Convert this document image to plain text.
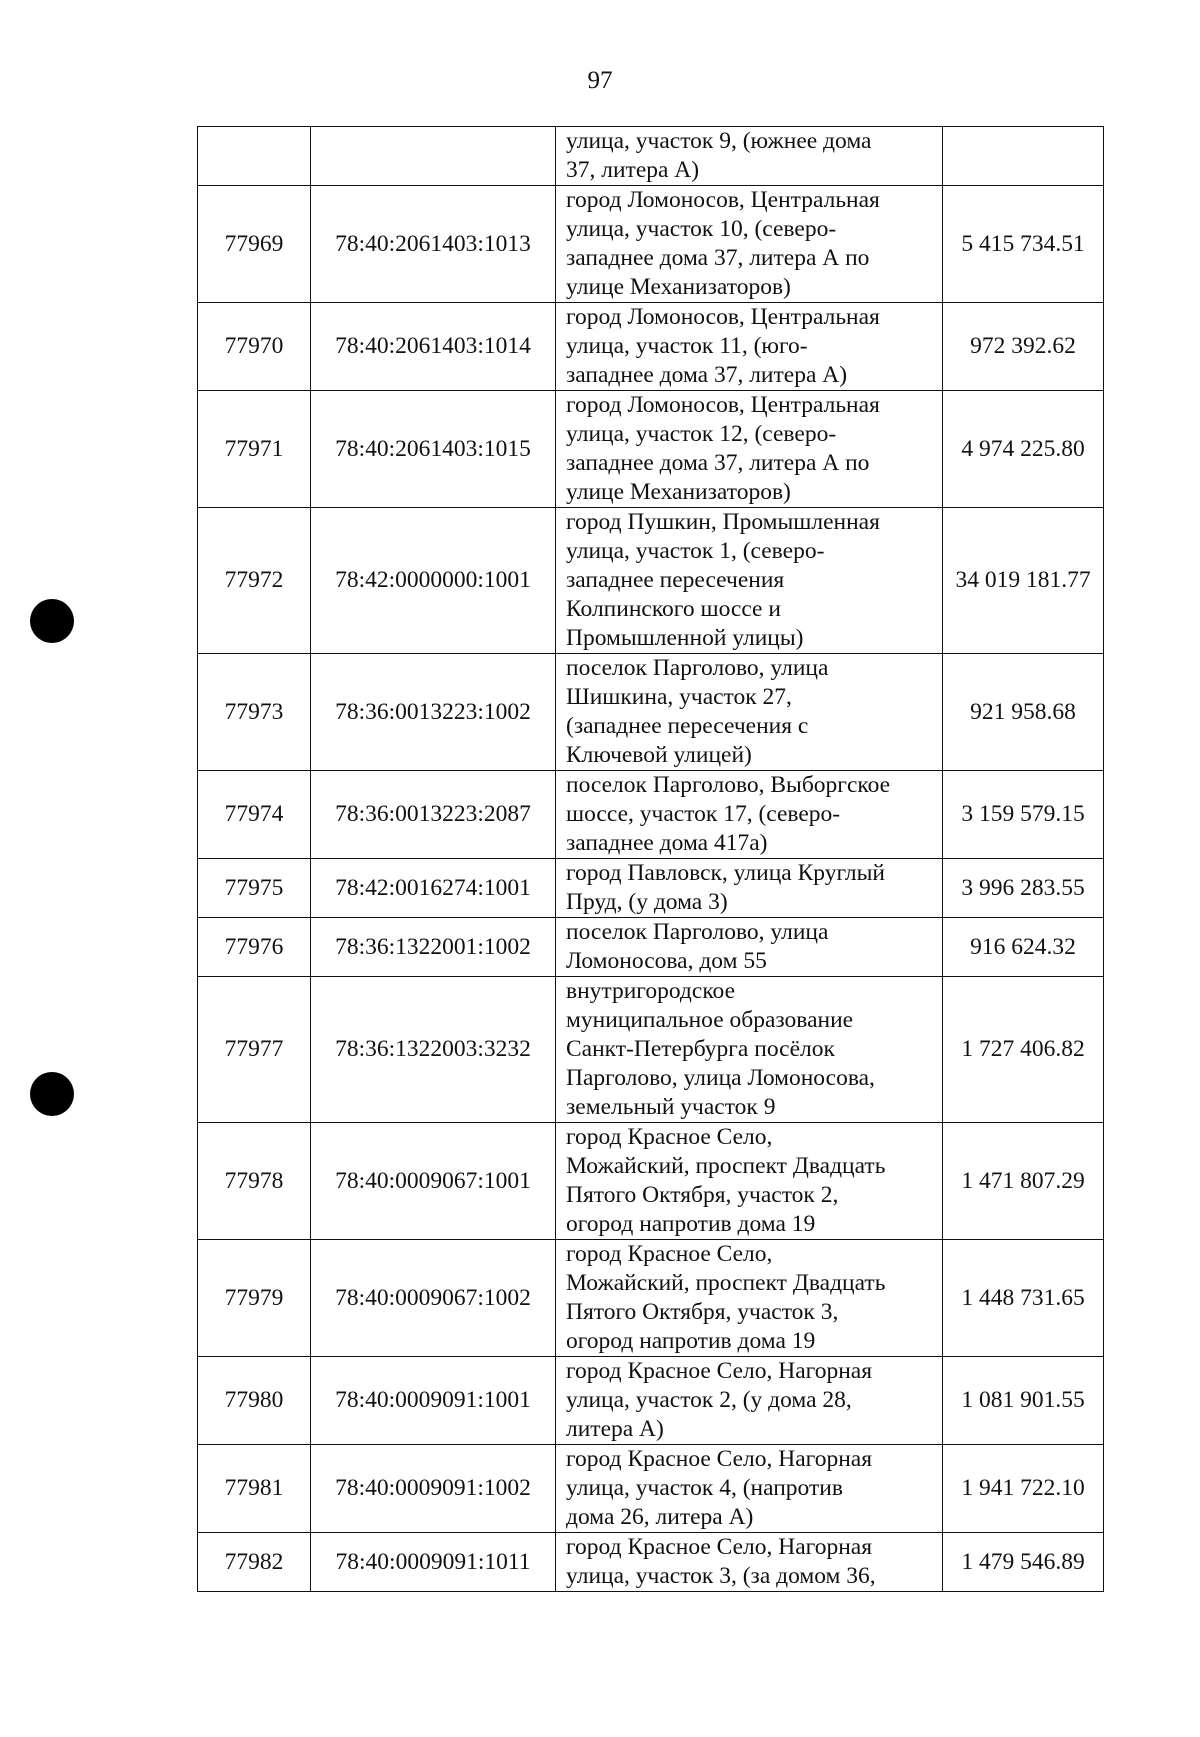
97

		улица, участок 9, (южнее дома
37, литера А)	

77969	78:40:2061403:1013	город Ломоносов, Центральная
улица, участок 10, (северо-
западнее дома 37, литера А по
улице Механизаторов)	5 415 734.51
77970	78:40:2061403:1014	город Ломоносов, Центральная
улица, участок 11, (юго-
западнее дома 37, литера А)	972 392.62
77971	78:40:2061403:1015	город Ломоносов, Центральная
улица, участок 12, (северо-
западнее дома 37, литера А по
улице Механизаторов)	4 974 225.80
77972	78:42:0000000:1001	город Пушкин, Промышленная
улица, участок 1, (северо-
западнее пересечения
Колпинского шоссе и
Промышленной улицы)	34 019 181.77
77973	78:36:0013223:1002	поселок Парголово, улица
Шишкина, участок 27,
(западнее пересечения с
Ключевой улицей)	921 958.68
77974	78:36:0013223:2087	поселок Парголово, Выборгское
шоссе, участок 17, (северо-
западнее дома 417а)	3 159 579.15
77975	78:42:0016274:1001	город Павловск, улица Круглый
Пруд, (у дома 3)	3 996 283.55
77976	78:36:1322001:1002	поселок Парголово, улица
Ломоносова, дом 55	916 624.32
77977	78:36:1322003:3232	внутригородское
муниципальное образование
Санкт-Петербурга посёлок
Парголово, улица Ломоносова,
земельный участок 9	1 727 406.82
77978	78:40:0009067:1001	город Красное Село,
Можайский, проспект Двадцать
Пятого Октября, участок 2,
огород напротив дома 19	1 471 807.29
77979	78:40:0009067:1002	город Красное Село,
Можайский, проспект Двадцать
Пятого Октября, участок 3,
огород напротив дома 19	1 448 731.65
77980	78:40:0009091:1001	город Красное Село, Нагорная
улица, участок 2, (у дома 28,
литера А)	1 081 901.55
77981	78:40:0009091:1002	город Красное Село, Нагорная
улица, участок 4, (напротив
дома 26, литера А)	1 941 722.10
77982	78:40:0009091:1011	город Красное Село, Нагорная
улица, участок 3, (за домом 36,	1 479 546.89
